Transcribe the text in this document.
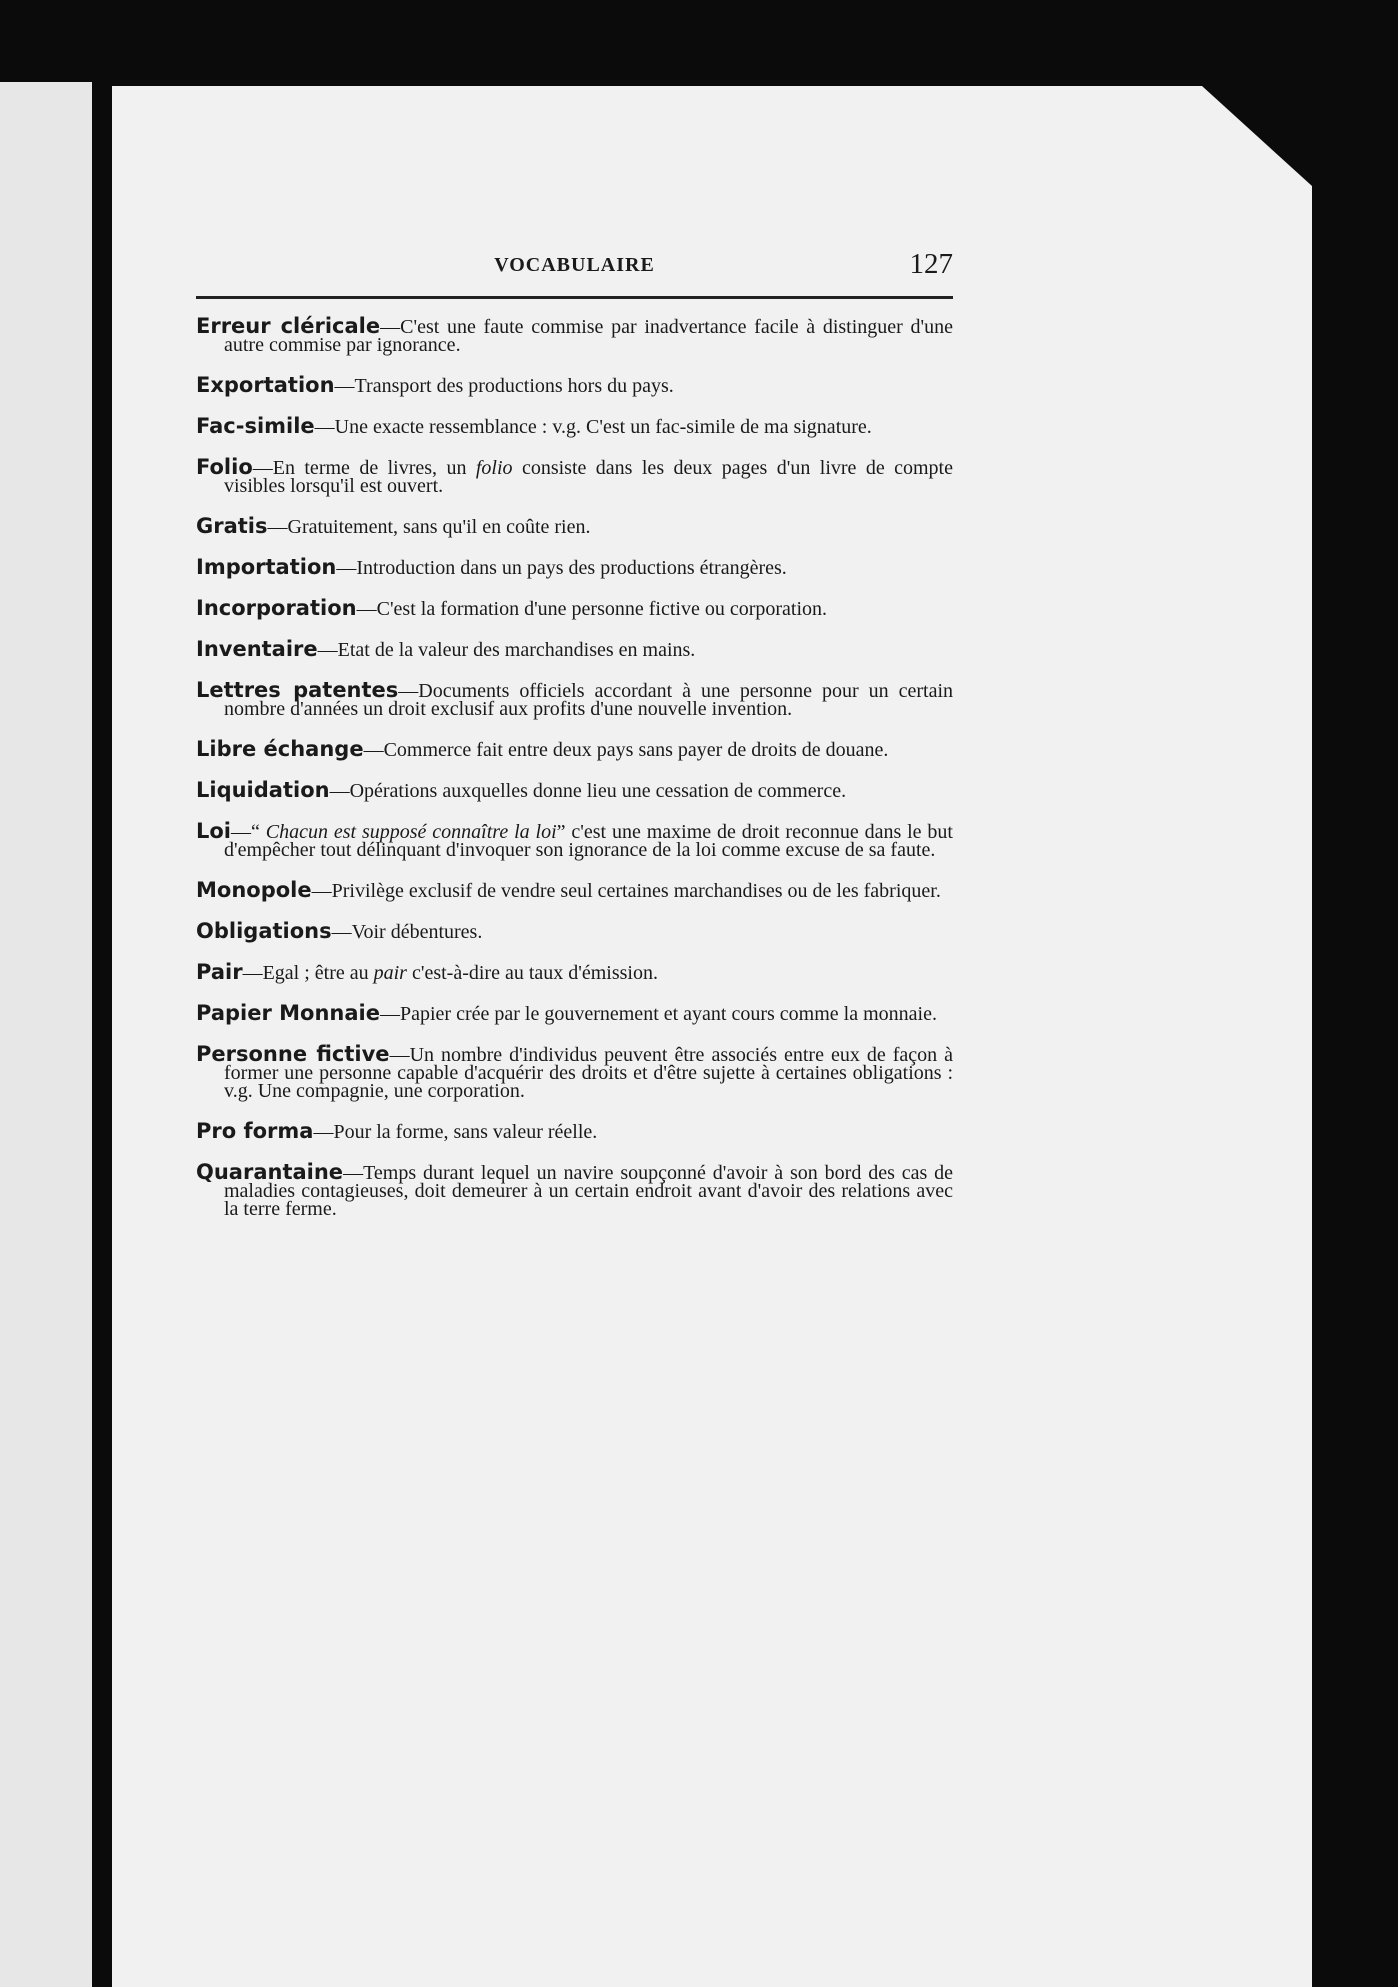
VOCABULAIRE	127
Erreur cléricale—C'est une faute commise par inadvertance facile à distinguer d'une autre commise par ignorance.
Exportation—Transport des productions hors du pays.
Fac-simile—Une exacte ressemblance : v.g. C'est un fac-simile de ma signature.
Folio—En terme de livres, un folio consiste dans les deux pages d'un livre de compte visibles lorsqu'il est ouvert.
Gratis—Gratuitement, sans qu'il en coûte rien.
Importation—Introduction dans un pays des productions étrangères.
Incorporation—C'est la formation d'une personne fictive ou corporation.
Inventaire—Etat de la valeur des marchandises en mains.
Lettres patentes—Documents officiels accordant à une personne pour un certain nombre d'années un droit exclusif aux profits d'une nouvelle invention.
Libre échange—Commerce fait entre deux pays sans payer de droits de douane.
Liquidation—Opérations auxquelles donne lieu une cessation de commerce.
Loi—“ Chacun est supposé connaître la loi” c'est une maxime de droit reconnue dans le but d'empêcher tout délinquant d'invoquer son ignorance de la loi comme excuse de sa faute.
Monopole—Privilège exclusif de vendre seul certaines marchandises ou de les fabriquer.
Obligations—Voir débentures.
Pair—Egal ; être au pair c'est-à-dire au taux d'émission.
Papier Monnaie—Papier crée par le gouvernement et ayant cours comme la monnaie.
Personne fictive—Un nombre d'individus peuvent être associés entre eux de façon à former une personne capable d'acquérir des droits et d'être sujette à certaines obligations : v.g. Une compagnie, une corporation.
Pro forma—Pour la forme, sans valeur réelle.
Quarantaine—Temps durant lequel un navire soupçonné d'avoir à son bord des cas de maladies contagieuses, doit demeurer à un certain endroit avant d'avoir des relations avec la terre ferme.
